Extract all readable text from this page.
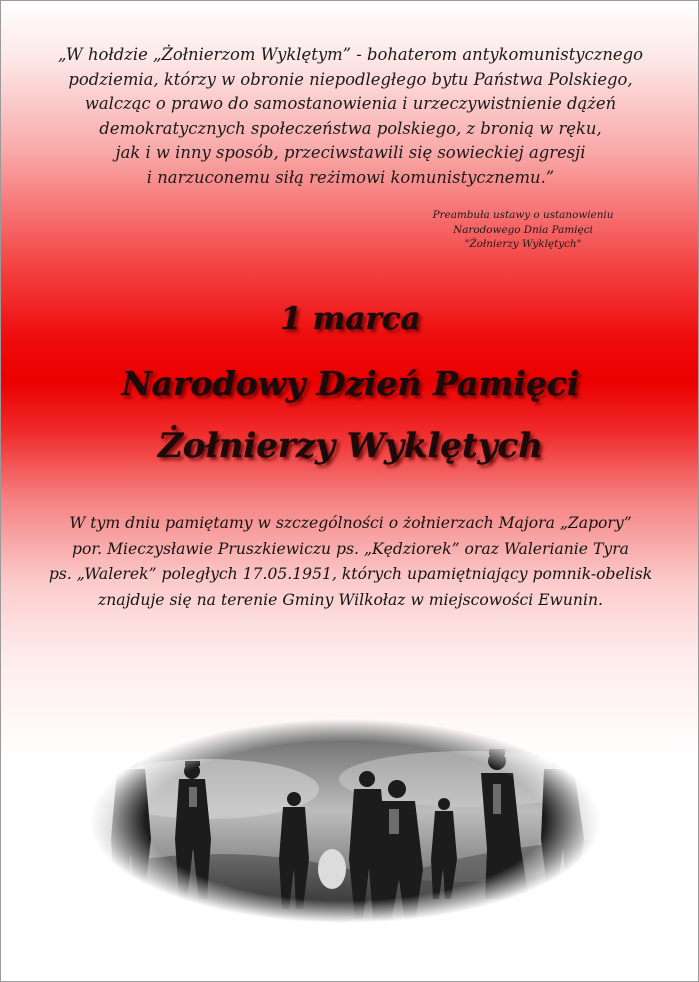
„W hołdzie „Żołnierzom Wyklętym” - bohaterom antykomunistycznego
podziemia, którzy w obronie niepodległego bytu Państwa Polskiego,
walcząc o prawo do samostanowienia i urzeczywistnienie dążeń
demokratycznych społeczeństwa polskiego, z bronią w ręku,
jak i w inny sposób, przeciwstawili się sowieckiej agresji
i narzuconemu siłą reżimowi komunistycznemu.”
Preambuła ustawy o ustanowieniu
Narodowego Dnia Pamięci
"Żołnierzy Wyklętych"
1 marca
Narodowy Dzień Pamięci
Żołnierzy Wyklętych
W tym dniu pamiętamy w szczególności o żołnierzach Majora „Zapory”
por. Mieczysławie Pruszkiewiczu ps. „Kędziorek” oraz Walerianie Tyra
ps. „Walerek” poległych 17.05.1951, których upamiętniający pomnik-obelisk
znajduje się na terenie Gminy Wilkołaz w miejscowości Ewunin.
